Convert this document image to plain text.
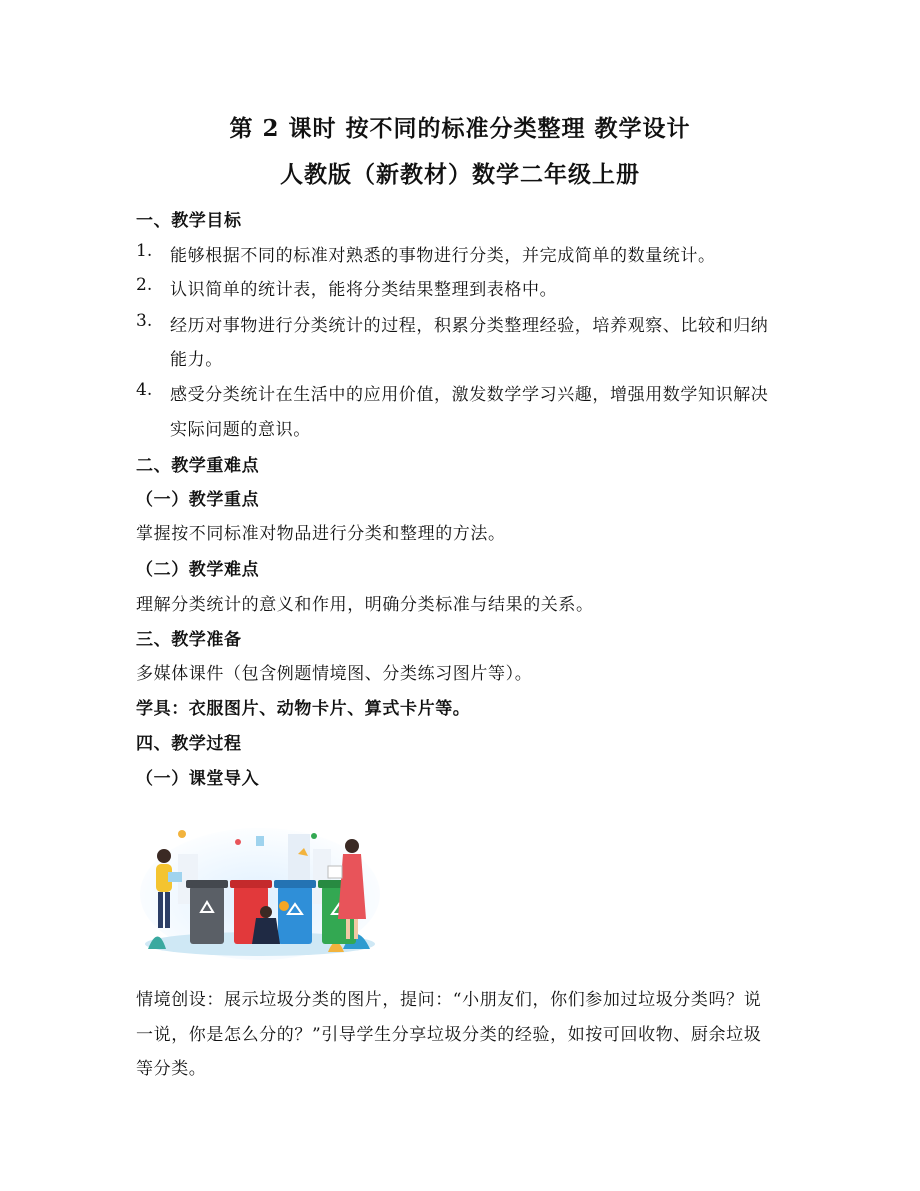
第 2 课时 按不同的标准分类整理 教学设计
人教版（新教材）数学二年级上册
一、教学目标
1. 能够根据不同的标准对熟悉的事物进行分类，并完成简单的数量统计。
2. 认识简单的统计表，能将分类结果整理到表格中。
3. 经历对事物进行分类统计的过程，积累分类整理经验，培养观察、比较和归纳
能力。
4. 感受分类统计在生活中的应用价值，激发数学学习兴趣，增强用数学知识解决
实际问题的意识。
二、教学重难点
（一）教学重点
掌握按不同标准对物品进行分类和整理的方法。
（二）教学难点
理解分类统计的意义和作用，明确分类标准与结果的关系。
三、教学准备
多媒体课件（包含例题情境图、分类练习图片等）。
学具：衣服图片、动物卡片、算式卡片等。
四、教学过程
（一）课堂导入
情境创设：展示垃圾分类的图片，提问：“小朋友们，你们参加过垃圾分类吗？说
一说，你是怎么分的？”引导学生分享垃圾分类的经验，如按可回收物、厨余垃圾
等分类。
